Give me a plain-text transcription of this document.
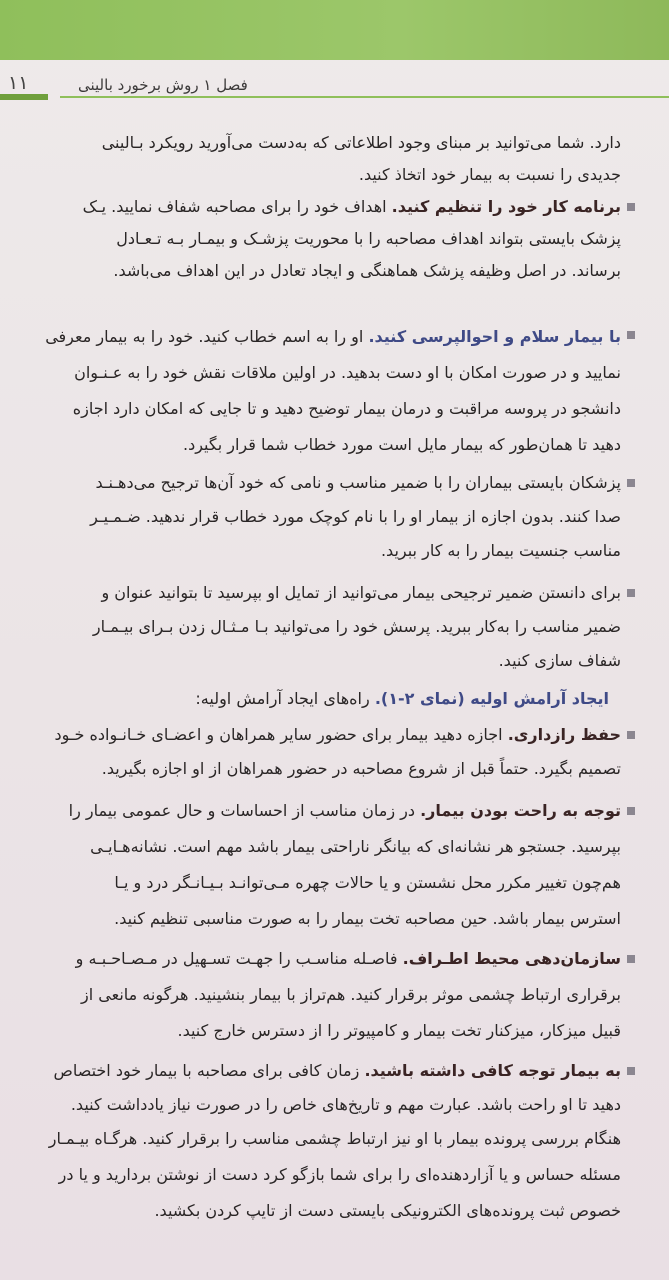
۱۱	فصل ۱ روش برخورد بالینی
دارد. شما می‌توانید بر مبنای وجود اطلاعاتی که به‌دست می‌آورید رویکرد بـالینی
جدیدی را نسبت به بیمار خود اتخاذ کنید.
برنامه کار خود را تنظیم کنید. اهداف خود را برای مصاحبه شفاف نمایید. یـک
پزشک بایستی بتواند اهداف مصاحبه را با محوریت پزشـک و بیمـار بـه تـعـادل
برساند. در اصل وظیفه پزشک هماهنگی و ایجاد تعادل در این اهداف می‌باشد.
با بیمار سلام و احوالپرسی کنید. او را به اسم خطاب کنید. خود را به بیمار معرفی
نمایید و در صورت امکان با او دست بدهید. در اولین ملاقات نقش خود را به عـنـوان
دانشجو در پروسه مراقبت و درمان بیمار توضیح دهید و تا جایی که امکان دارد اجازه
دهید تا همان‌طور که بیمار مایل است مورد خطاب شما قرار بگیرد.
پزشکان بایستی بیماران را با ضمیر مناسب و نامی که خود آن‌ها ترجیح می‌دهـنـد
صدا کنند. بدون اجازه از بیمار او را با نام کوچک مورد خطاب قرار ندهید. ضـمـیـر
مناسب جنسیت بیمار را به کار ببرید.
برای دانستن ضمیر ترجیحی بیمار می‌توانید از تمایل او بپرسید تا بتوانید عنوان و
ضمیر مناسب را به‌کار ببرید. پرسش خود را می‌توانید بـا مـثـال زدن بـرای بیـمـار
شفاف سازی کنید.
ایجاد آرامش اولیه (نمای ۲-۱). راه‌های ایجاد آرامش اولیه:
حفظ رازداری. اجازه دهید بیمار برای حضور سایر همراهان و اعضـای خـانـواده خـود
تصمیم بگیرد. حتماً قبل از شروع مصاحبه در حضور همراهان از او اجازه بگیرید.
توجه به راحت بودن بیمار. در زمان مناسب از احساسات و حال عمومی بیمار را
بپرسید. جستجو هر نشانه‌ای که بیانگر ناراحتی بیمار باشد مهم است. نشانه‌هـایـی
هم‌چون تغییر مکرر محل نشستن و یا حالات چهره مـی‌توانـد بـیـانـگر درد و یـا
استرس بیمار باشد. حین مصاحبه تخت بیمار را به صورت مناسبی تنظیم کنید.
سازمان‌دهی محیط اطـراف. فاصـله مناسـب را جهـت تسـهیل در مـصـاحـبـه و
برقراری ارتباط چشمی موثر برقرار کنید. هم‌تراز با بیمار بنشینید. هرگونه مانعی از
قبیل میزکار، میزکنار تخت بیمار و کامپیوتر را از دسترس خارج کنید.
به بیمار توجه کافی داشته باشید. زمان کافی برای مصاحبه با بیمار خود اختصاص
دهید تا او راحت باشد. عبارت مهم و تاریخ‌های خاص را در صورت نیاز یادداشت کنید.
هنگام بررسی پرونده بیمار با او نیز ارتباط چشمی مناسب را برقرار کنید. هرگـاه بیـمـار
مسئله حساس و یا آزاردهنده‌ای را برای شما بازگو کرد دست از نوشتن بردارید و یا در
خصوص ثبت پرونده‌های الکترونیکی بایستی دست از تایپ کردن بکشید.
